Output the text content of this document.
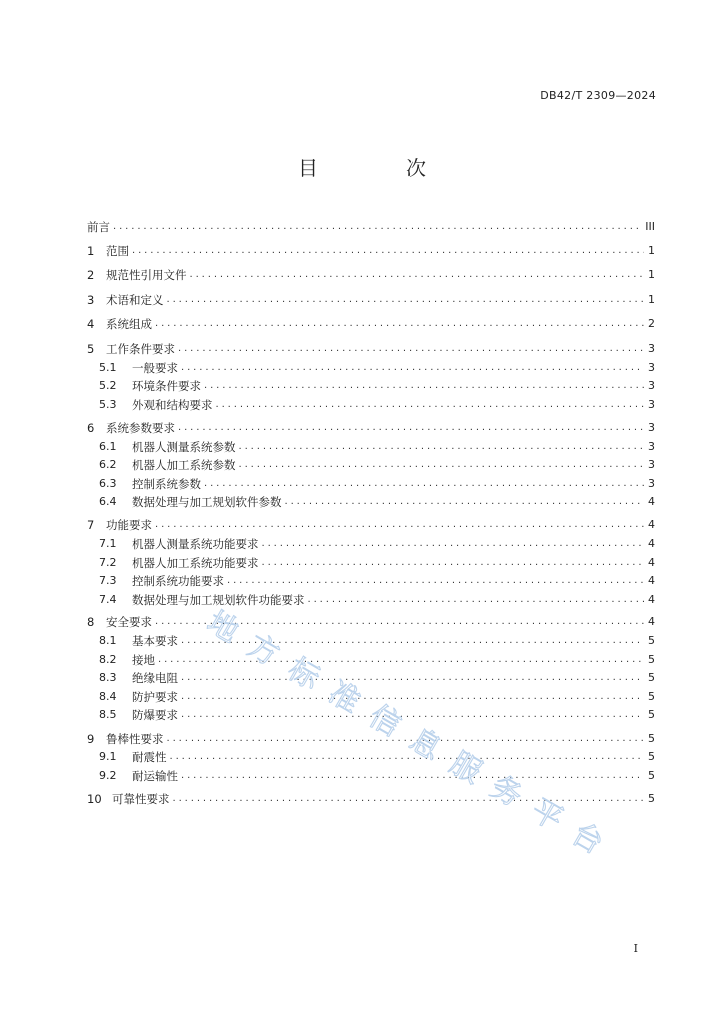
DB42/T 2309—2024
目　次
前言 .....	III
1	范围 .....	1
2	规范性引用文件 .....	1
3	术语和定义 .....	1
4	系统组成 .....	2
5	工作条件要求 .....	3
5.1	一般要求 .....	3
5.2	环境条件要求 .....	3
5.3	外观和结构要求 .....	3
6	系统参数要求 .....	3
6.1	机器人测量系统参数 .....	3
6.2	机器人加工系统参数 .....	3
6.3	控制系统参数 .....	3
6.4	数据处理与加工规划软件参数 .....	4
7	功能要求 .....	4
7.1	机器人测量系统功能要求 .....	4
7.2	机器人加工系统功能要求 .....	4
7.3	控制系统功能要求 .....	4
7.4	数据处理与加工规划软件功能要求 .....	4
8	安全要求 .....	4
8.1	基本要求 .....	5
8.2	接地 .....	5
8.3	绝缘电阻 .....	5
8.4	防护要求 .....	5
8.5	防爆要求 .....	5
9	鲁棒性要求 .....	5
9.1	耐震性 .....	5
9.2	耐运输性 .....	5
10 可靠性要求 .....	5
地
方
标
准
信
息
服
务
平
台
I
